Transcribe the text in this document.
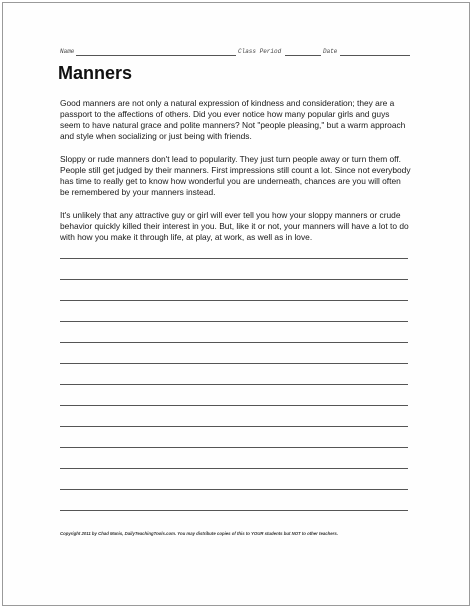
Name	Class Period	Date
Manners

Good manners are not only a natural expression of kindness and consideration; they are a passport to the affections of others. Did you ever notice how many popular girls and guys seem to have natural grace and polite manners? Not "people pleasing," but a warm approach and style when socializing or just being with friends.

Sloppy or rude manners don't lead to popularity. They just turn people away or turn them off. People still get judged by their manners. First impressions still count a lot. Since not everybody has time to really get to know how wonderful you are underneath, chances are you will often be remembered by your manners instead.

It's unlikely that any attractive guy or girl will ever tell you how your sloppy manners or crude behavior quickly killed their interest in you. But, like it or not, your manners will have a lot to do with how you make it through life, at play, at work, as well as in love.

Copyright 2011 by Chad Manis, DailyTeachingTools.com. You may distribute copies of this to YOUR students but NOT to other teachers.
